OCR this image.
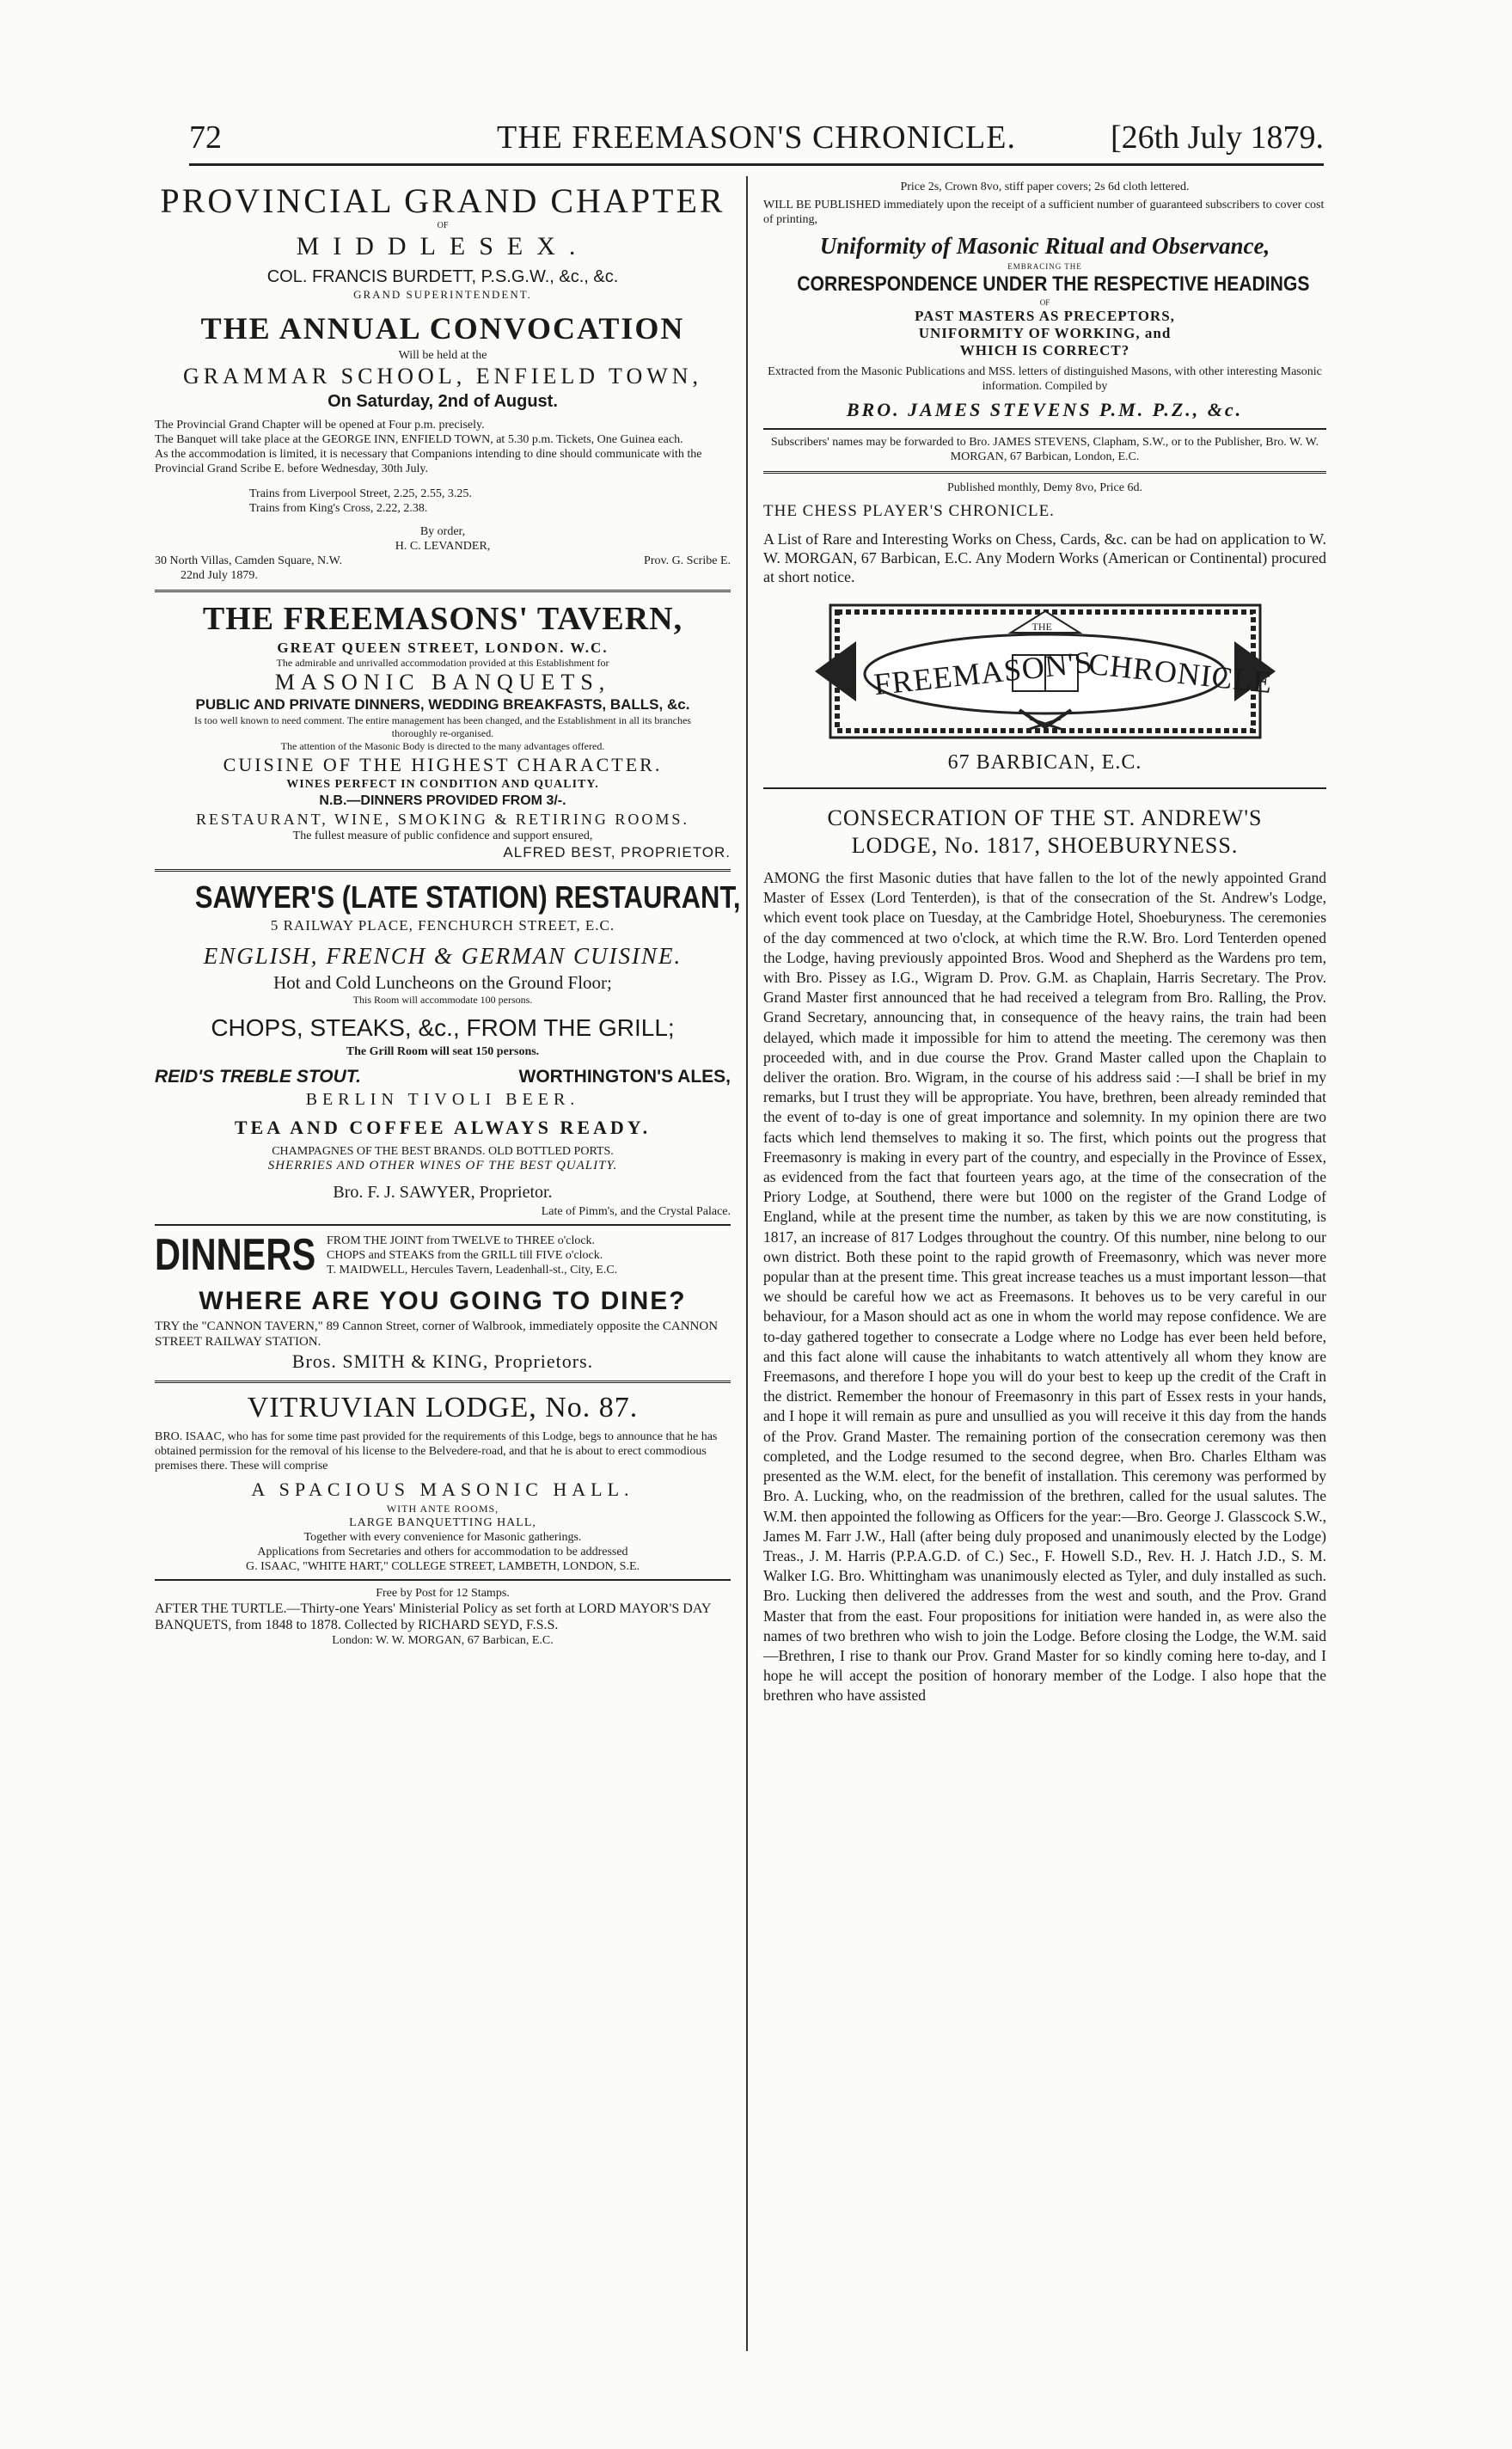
72	THE FREEMASON'S CHRONICLE.	[26th July 1879.

PROVINCIAL GRAND CHAPTER

OF

MIDDLESEX.

COL. FRANCIS BURDETT, P.S.G.W., &c., &c.

GRAND SUPERINTENDENT.

THE ANNUAL CONVOCATION

Will be held at the

GRAMMAR SCHOOL, ENFIELD TOWN,

On Saturday, 2nd of August.

The Provincial Grand Chapter will be opened at Four p.m. precisely.

The Banquet will take place at the GEORGE INN, ENFIELD TOWN, at 5.30 p.m. Tickets, One Guinea each.

As the accommodation is limited, it is necessary that Companions intending to dine should communicate with the Provincial Grand Scribe E. before Wednesday, 30th July.

Trains from Liverpool Street, 2.25, 2.55, 3.25.

Trains from King's Cross, 2.22, 2.38.

By order,

H. C. LEVANDER,

30 North Villas, Camden Square, N.W.	Prov. G. Scribe E.

22nd July 1879.

THE FREEMASONS' TAVERN,

GREAT QUEEN STREET, LONDON. W.C.

The admirable and unrivalled accommodation provided at this Establishment for

MASONIC BANQUETS,

PUBLIC AND PRIVATE DINNERS, WEDDING BREAKFASTS, BALLS, &c.

Is too well known to need comment. The entire management has been changed, and the Establishment in all its branches thoroughly re-organised.

The attention of the Masonic Body is directed to the many advantages offered.

CUISINE OF THE HIGHEST CHARACTER.

WINES PERFECT IN CONDITION AND QUALITY.

N.B.—DINNERS PROVIDED FROM 3/-.

RESTAURANT, WINE, SMOKING & RETIRING ROOMS.

The fullest measure of public confidence and support ensured,

ALFRED BEST, PROPRIETOR.

SAWYER'S (LATE STATION) RESTAURANT,

5 RAILWAY PLACE, FENCHURCH STREET, E.C.

ENGLISH, FRENCH & GERMAN CUISINE.

Hot and Cold Luncheons on the Ground Floor;

This Room will accommodate 100 persons.

CHOPS, STEAKS, &c., FROM THE GRILL;

The Grill Room will seat 150 persons.

REID'S TREBLE STOUT.	WORTHINGTON'S ALES,

BERLIN TIVOLI BEER.

TEA AND COFFEE ALWAYS READY.

CHAMPAGNES OF THE BEST BRANDS. OLD BOTTLED PORTS.

SHERRIES AND OTHER WINES OF THE BEST QUALITY.

Bro. F. J. SAWYER, Proprietor.

Late of Pimm's, and the Crystal Palace.

DINNERS FROM THE JOINT from TWELVE to THREE o'clock.

CHOPS and STEAKS from the GRILL till FIVE o'clock.

T. MAIDWELL, Hercules Tavern, Leadenhall-st., City, E.C.

WHERE ARE YOU GOING TO DINE?

TRY the "CANNON TAVERN," 89 Cannon Street, corner of Walbrook, immediately opposite the CANNON STREET RAILWAY STATION.

Bros. SMITH & KING, Proprietors.

VITRUVIAN LODGE, No. 87.

BRO. ISAAC, who has for some time past provided for the requirements of this Lodge, begs to announce that he has obtained permission for the removal of his license to the Belvedere-road, and that he is about to erect commodious premises there. These will comprise

A SPACIOUS MASONIC HALL.

WITH ANTE ROOMS,

LARGE BANQUETTING HALL,

Together with every convenience for Masonic gatherings.

Applications from Secretaries and others for accommodation to be addressed

G. ISAAC, "WHITE HART," COLLEGE STREET, LAMBETH, LONDON, S.E.

Free by Post for 12 Stamps.

AFTER THE TURTLE.—Thirty-one Years' Ministerial Policy as set forth at LORD MAYOR'S DAY BANQUETS, from 1848 to 1878. Collected by RICHARD SEYD, F.S.S.

London: W. W. MORGAN, 67 Barbican, E.C.

Price 2s, Crown 8vo, stiff paper covers; 2s 6d cloth lettered.

WILL BE PUBLISHED immediately upon the receipt of a sufficient number of guaranteed subscribers to cover cost of printing,

Uniformity of Masonic Ritual and Observance,

EMBRACING THE

CORRESPONDENCE UNDER THE RESPECTIVE HEADINGS

OF

PAST MASTERS AS PRECEPTORS,

UNIFORMITY OF WORKING, and

WHICH IS CORRECT?

Extracted from the Masonic Publications and MSS. letters of distinguished Masons, with other interesting Masonic information. Compiled by

BRO. JAMES STEVENS P.M. P.Z., &c.

Subscribers' names may be forwarded to Bro. JAMES STEVENS, Clapham, S.W., or to the Publisher, Bro. W. W. MORGAN, 67 Barbican, London, E.C.

Published monthly, Demy 8vo, Price 6d.

THE CHESS PLAYER'S CHRONICLE.

A List of Rare and Interesting Works on Chess, Cards, &c. can be had on application to W. W. MORGAN, 67 Barbican, E.C. Any Modern Works (American or Continental) procured at short notice.

FREEMASON'S
THE
CHRONICLE

67 BARBICAN, E.C.

CONSECRATION OF THE ST. ANDREW'S

LODGE, No. 1817, SHOEBURYNESS.

AMONG the first Masonic duties that have fallen to the lot of the newly appointed Grand Master of Essex (Lord Tenterden), is that of the consecration of the St. Andrew's Lodge, which event took place on Tuesday, at the Cambridge Hotel, Shoeburyness. The ceremonies of the day commenced at two o'clock, at which time the R.W. Bro. Lord Tenterden opened the Lodge, having previously appointed Bros. Wood and Shepherd as the Wardens pro tem, with Bro. Pissey as I.G., Wigram D. Prov. G.M. as Chaplain, Harris Secretary. The Prov. Grand Master first announced that he had received a telegram from Bro. Ralling, the Prov. Grand Secretary, announcing that, in consequence of the heavy rains, the train had been delayed, which made it impossible for him to attend the meeting. The ceremony was then proceeded with, and in due course the Prov. Grand Master called upon the Chaplain to deliver the oration. Bro. Wigram, in the course of his address said :—I shall be brief in my remarks, but I trust they will be appropriate. You have, brethren, been already reminded that the event of to-day is one of great importance and solemnity. In my opinion there are two facts which lend themselves to making it so. The first, which points out the progress that Freemasonry is making in every part of the country, and especially in the Province of Essex, as evidenced from the fact that fourteen years ago, at the time of the consecration of the Priory Lodge, at Southend, there were but 1000 on the register of the Grand Lodge of England, while at the present time the number, as taken by this we are now constituting, is 1817, an increase of 817 Lodges throughout the country. Of this number, nine belong to our own district. Both these point to the rapid growth of Freemasonry, which was never more popular than at the present time. This great increase teaches us a must important lesson—that we should be careful how we act as Freemasons. It behoves us to be very careful in our behaviour, for a Mason should act as one in whom the world may repose confidence. We are to-day gathered together to consecrate a Lodge where no Lodge has ever been held before, and this fact alone will cause the inhabitants to watch attentively all whom they know are Freemasons, and therefore I hope you will do your best to keep up the credit of the Craft in the district. Remember the honour of Freemasonry in this part of Essex rests in your hands, and I hope it will remain as pure and unsullied as you will receive it this day from the hands of the Prov. Grand Master. The remaining portion of the consecration ceremony was then completed, and the Lodge resumed to the second degree, when Bro. Charles Eltham was presented as the W.M. elect, for the benefit of installation. This ceremony was performed by Bro. A. Lucking, who, on the readmission of the brethren, called for the usual salutes. The W.M. then appointed the following as Officers for the year:—Bro. George J. Glasscock S.W., James M. Farr J.W., Hall (after being duly proposed and unanimously elected by the Lodge) Treas., J. M. Harris (P.P.A.G.D. of C.) Sec., F. Howell S.D., Rev. H. J. Hatch J.D., S. M. Walker I.G. Bro. Whittingham was unanimously elected as Tyler, and duly installed as such. Bro. Lucking then delivered the addresses from the west and south, and the Prov. Grand Master that from the east. Four propositions for initiation were handed in, as were also the names of two brethren who wish to join the Lodge. Before closing the Lodge, the W.M. said—Brethren, I rise to thank our Prov. Grand Master for so kindly coming here to-day, and I hope he will accept the position of honorary member of the Lodge. I also hope that the brethren who have assisted
